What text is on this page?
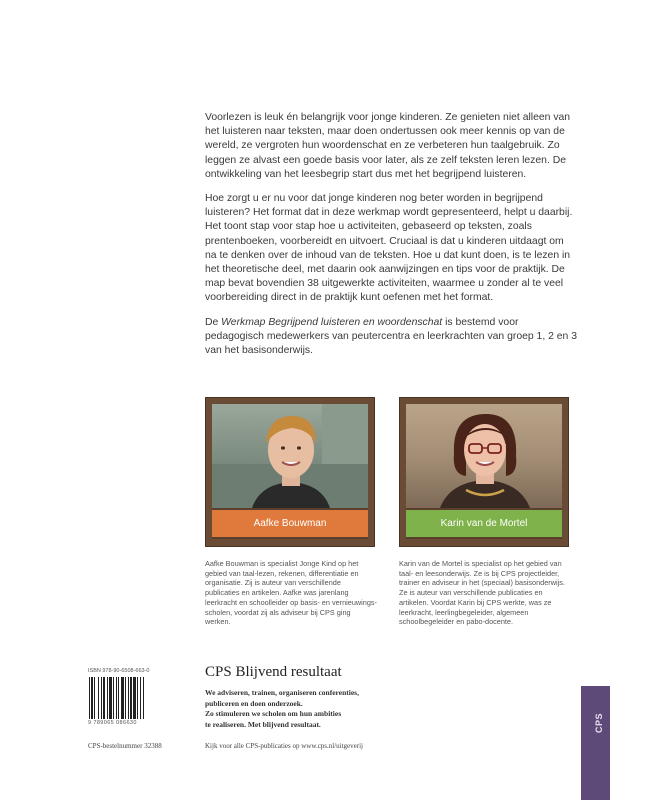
Voorlezen is leuk én belangrijk voor jonge kinderen. Ze genieten niet alleen van het luisteren naar teksten, maar doen ondertussen ook meer kennis op van de wereld, ze vergroten hun woordenschat en ze verbeteren hun taalgebruik. Zo leggen ze alvast een goede basis voor later, als ze zelf teksten leren lezen. De ontwikkeling van het leesbegrip start dus met het begrijpend luisteren.

Hoe zorgt u er nu voor dat jonge kinderen nog beter worden in begrijpend luisteren? Het format dat in deze werkmap wordt gepresenteerd, helpt u daarbij. Het toont stap voor stap hoe u activiteiten, gebaseerd op teksten, zoals prentenboeken, voorbereidt en uitvoert. Cruciaal is dat u kinderen uitdaagt om na te denken over de inhoud van de teksten. Hoe u dat kunt doen, is te lezen in het theoretische deel, met daarin ook aanwijzingen en tips voor de praktijk. De map bevat bovendien 38 uitgewerkte activiteiten, waarmee u zonder al te veel voorbereiding direct in de praktijk kunt oefenen met het format.

De Werkmap Begrijpend luisteren en woordenschat is bestemd voor pedagogisch medewerkers van peutercentra en leerkrachten van groep 1, 2 en 3 van het basisonderwijs.

Aafke Bouwman	Karin van de Mortel
Aafke Bouwman is specialist Jonge Kind op het gebied van taal-lezen, rekenen, differentiatie en organisatie. Zij is auteur van verschillende publicaties en artikelen. Aafke was jarenlang leerkracht en schoolleider op basis- en vernieuwings-scholen, voordat zij als adviseur bij CPS ging werken.
Karin van de Mortel is specialist op het gebied van taal- en leesonderwijs. Ze is bij CPS projectleider, trainer en adviseur in het (speciaal) basisonderwijs. Ze is auteur van verschillende publicaties en artikelen. Voordat Karin bij CPS werkte, was ze leerkracht, leerlingbegeleider, algemeen schoolbegeleider en pabo-docente.
ISBN 978-90-6508-663-0
9 789065 086630
CPS Blijvend resultaat
We adviseren, trainen, organiseren conferenties,
publiceren en doen onderzoek.
Zo stimuleren we scholen om hun ambities
te realiseren. Met blijvend resultaat.
CPS-bestelnummer 32388	Kijk voor alle CPS-publicaties op www.cps.nl/uitgeverij
CPS
